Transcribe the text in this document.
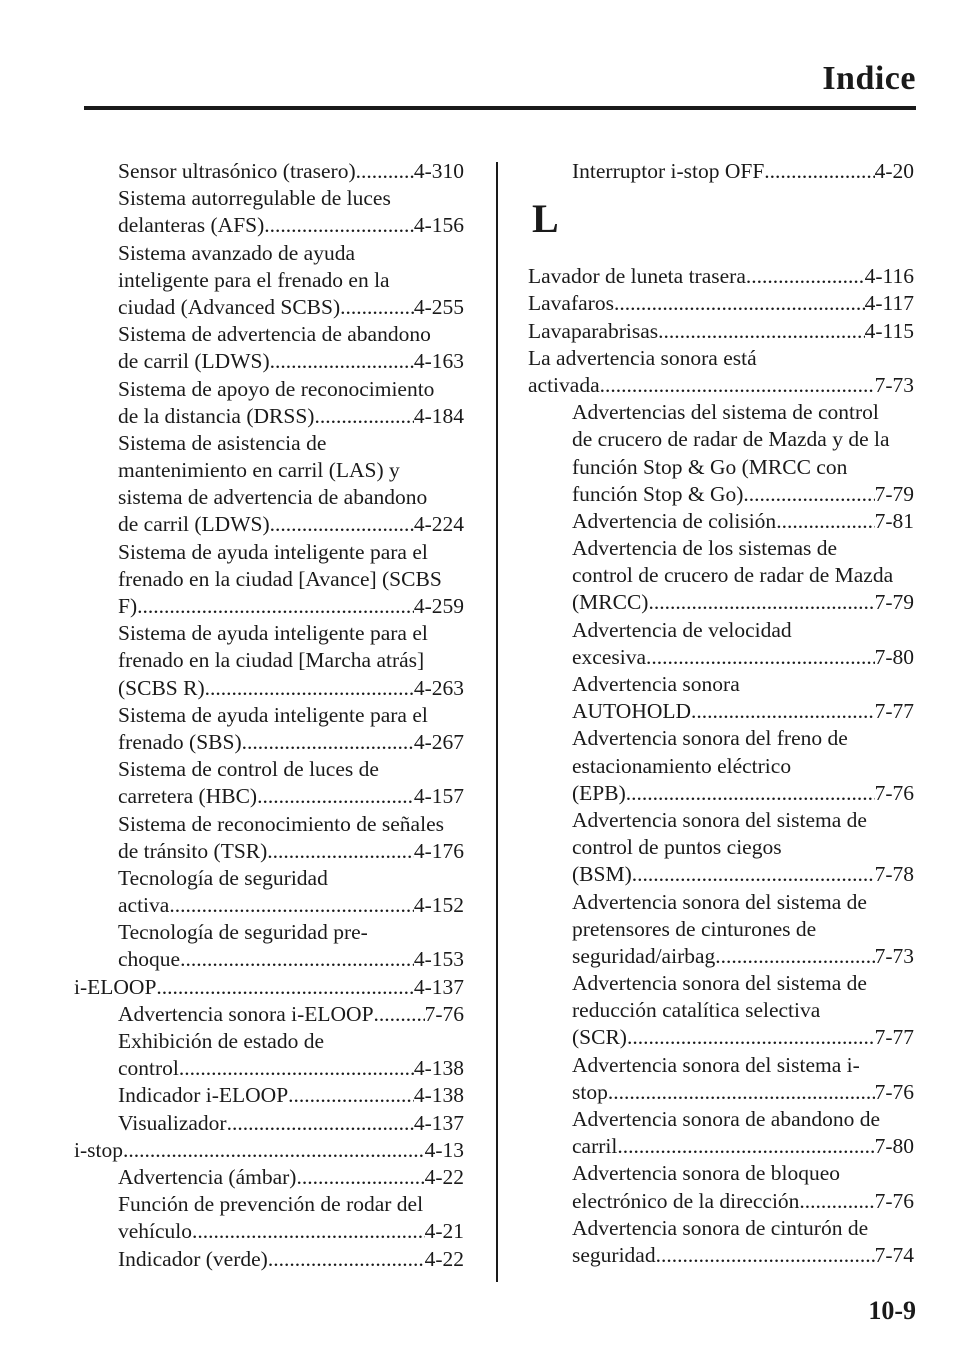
Indice
Sensor ultrasónico (trasero) .....	4-310
Sistema autorregulable de luces
delanteras (AFS) .....	4-156
Sistema avanzado de ayuda
inteligente para el frenado en la
ciudad (Advanced SCBS) .....	4-255
Sistema de advertencia de abandono
de carril (LDWS) .....	4-163
Sistema de apoyo de reconocimiento
de la distancia (DRSS) .....	4-184
Sistema de asistencia de
mantenimiento en carril (LAS) y
sistema de advertencia de abandono
de carril (LDWS) .....	4-224
Sistema de ayuda inteligente para el
frenado en la ciudad [Avance] (SCBS
F) .....	4-259
Sistema de ayuda inteligente para el
frenado en la ciudad [Marcha atrás]
(SCBS R) .....	4-263
Sistema de ayuda inteligente para el
frenado (SBS) .....	4-267
Sistema de control de luces de
carretera (HBC) .....	4-157
Sistema de reconocimiento de señales
de tránsito (TSR) .....	4-176
Tecnología de seguridad
activa .....	4-152
Tecnología de seguridad pre-
choque .....	4-153
i-ELOOP .....	4-137
Advertencia sonora i-ELOOP ..... 7-76
Exhibición de estado de
control .....	4-138
Indicador i-ELOOP .....	4-138
Visualizador .....	4-137
i-stop .....	4-13
Advertencia (ámbar) .....	4-22
Función de prevención de rodar del
vehículo .....	4-21
Indicador (verde) .....	4-22
Interruptor i-stop OFF .....	4-20
L
Lavador de luneta trasera .....	4-116
Lavafaros .....	4-117
Lavaparabrisas .....	4-115
La advertencia sonora está
activada .....	7-73
Advertencias del sistema de control
de crucero de radar de Mazda y de la
función Stop & Go (MRCC con
función Stop & Go) .....	7-79
Advertencia de colisión .....	7-81
Advertencia de los sistemas de
control de crucero de radar de Mazda
(MRCC) .....	7-79
Advertencia de velocidad
excesiva .....	7-80
Advertencia sonora
AUTOHOLD .....	7-77
Advertencia sonora del freno de
estacionamiento eléctrico
(EPB) .....	7-76
Advertencia sonora del sistema de
control de puntos ciegos
(BSM) .....	7-78
Advertencia sonora del sistema de
pretensores de cinturones de
seguridad/airbag .....	7-73
Advertencia sonora del sistema de
reducción catalítica selectiva
(SCR) .....	7-77
Advertencia sonora del sistema i-
stop .....	7-76
Advertencia sonora de abandono de
carril .....	7-80
Advertencia sonora de bloqueo
electrónico de la dirección .....	7-76
Advertencia sonora de cinturón de
seguridad .....	7-74
10-9
